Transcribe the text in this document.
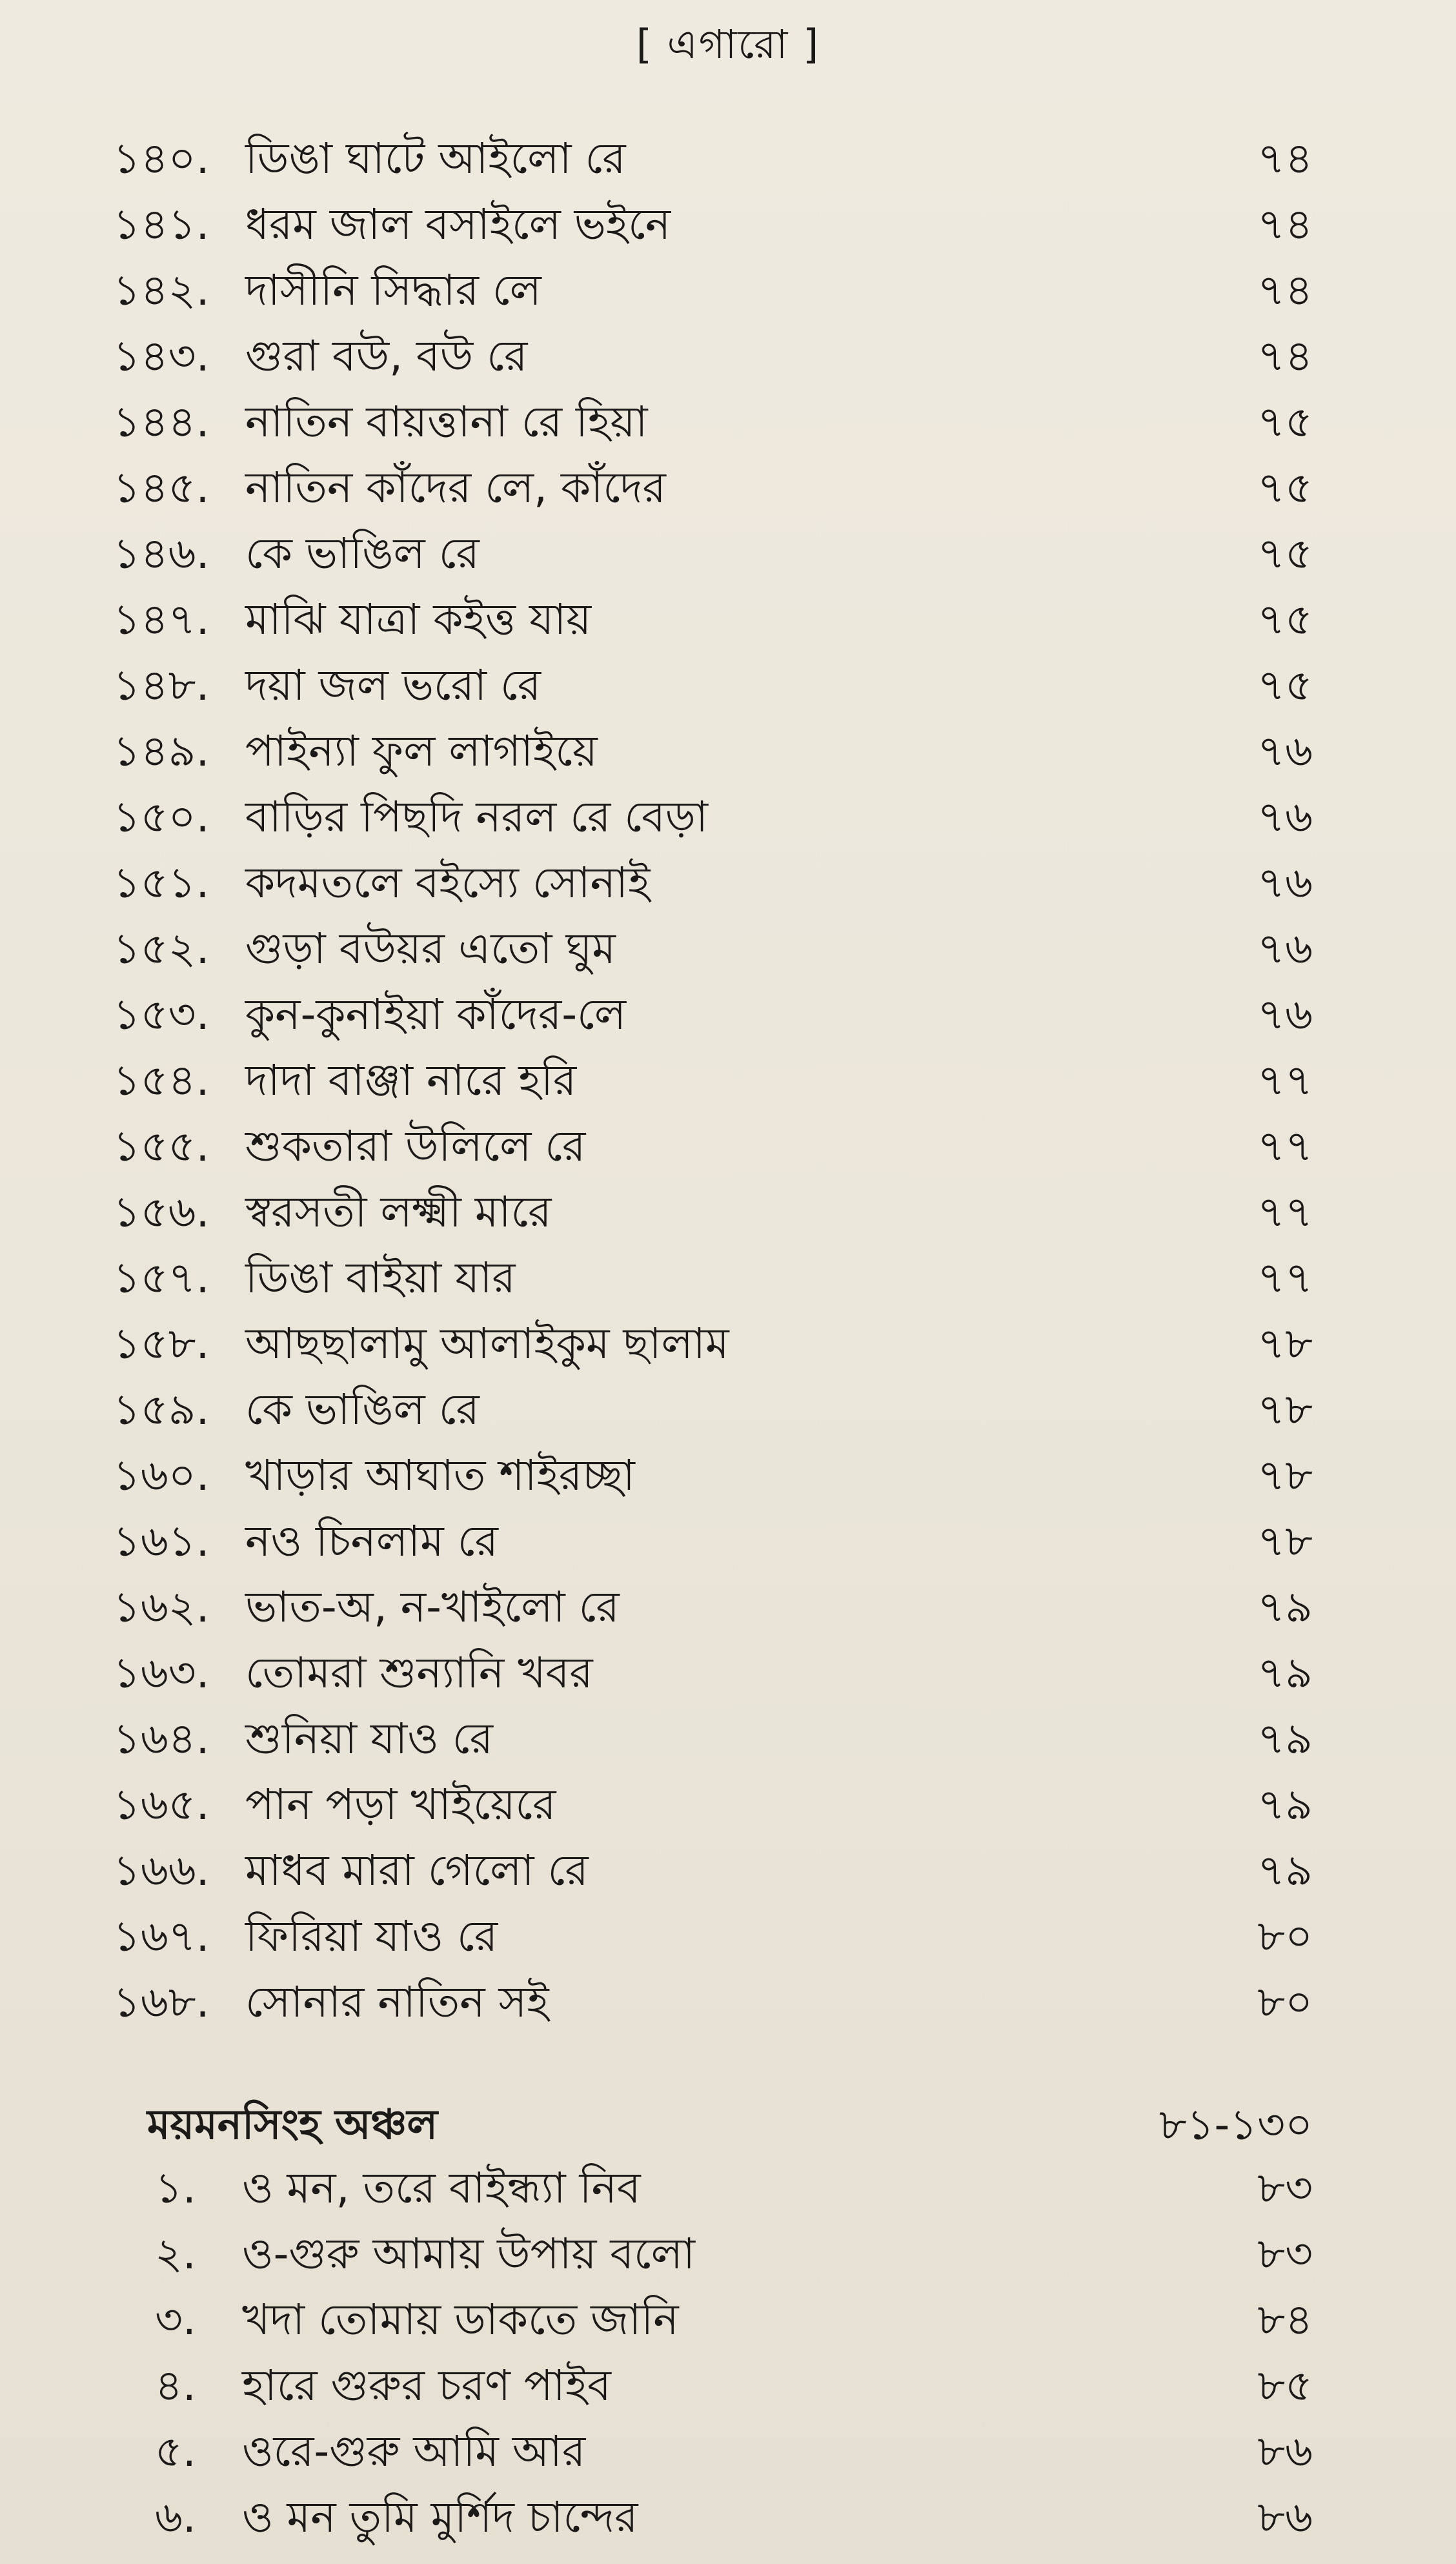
[ এগারো ]
১৪০. ডিঙা ঘাটে আইলো রে	৭৪
১৪১. ধরম জাল বসাইলে ভইনে	৭৪
১৪২. দাসীনি সিদ্ধার লে	৭৪
১৪৩. গুরা বউ, বউ রে	৭৪
১৪৪. নাতিন বায়ত্তানা রে হিয়া	৭৫
১৪৫. নাতিন কাঁদের লে, কাঁদের	৭৫
১৪৬. কে ভাঙিল রে	৭৫
১৪৭. মাঝি যাত্রা কইত্ত যায়	৭৫
১৪৮. দয়া জল ভরো রে	৭৫
১৪৯. পাইন্যা ফুল লাগাইয়ে	৭৬
১৫০. বাড়ির পিছদি নরল রে বেড়া	৭৬
১৫১. কদমতলে বইস্যে সোনাই	৭৬
১৫২. গুড়া বউয়র এতো ঘুম	৭৬
১৫৩. কুন-কুনাইয়া কাঁদের-লে	৭৬
১৫৪. দাদা বাঞ্জা নারে হরি	৭৭
১৫৫. শুকতারা উলিলে রে	৭৭
১৫৬. স্বরসতী লক্ষ্মী মারে	৭৭
১৫৭. ডিঙা বাইয়া যার	৭৭
১৫৮. আছছালামু আলাইকুম ছালাম	৭৮
১৫৯. কে ভাঙিল রে	৭৮
১৬০. খাড়ার আঘাত শাইরচ্ছা	৭৮
১৬১. নও চিনলাম রে	৭৮
১৬২. ভাত-অ, ন-খাইলো রে	৭৯
১৬৩. তোমরা শুন্যানি খবর	৭৯
১৬৪. শুনিয়া যাও রে	৭৯
১৬৫. পান পড়া খাইয়েরে	৭৯
১৬৬. মাধব মারা গেলো রে	৭৯
১৬৭. ফিরিয়া যাও রে	৮০
১৬৮. সোনার নাতিন সই	৮০
ময়মনসিংহ অঞ্চল	৮১-১৩০
১.	ও মন, তরে বাইন্ধ্যা নিব	৮৩
২.	ও-গুরু আমায় উপায় বলো	৮৩
৩.	খদা তোমায় ডাকতে জানি	৮৪
৪.	হারে গুরুর চরণ পাইব	৮৫
৫.	ওরে-গুরু আমি আর	৮৬
৬.	ও মন তুমি মুর্শিদ চান্দের	৮৬
